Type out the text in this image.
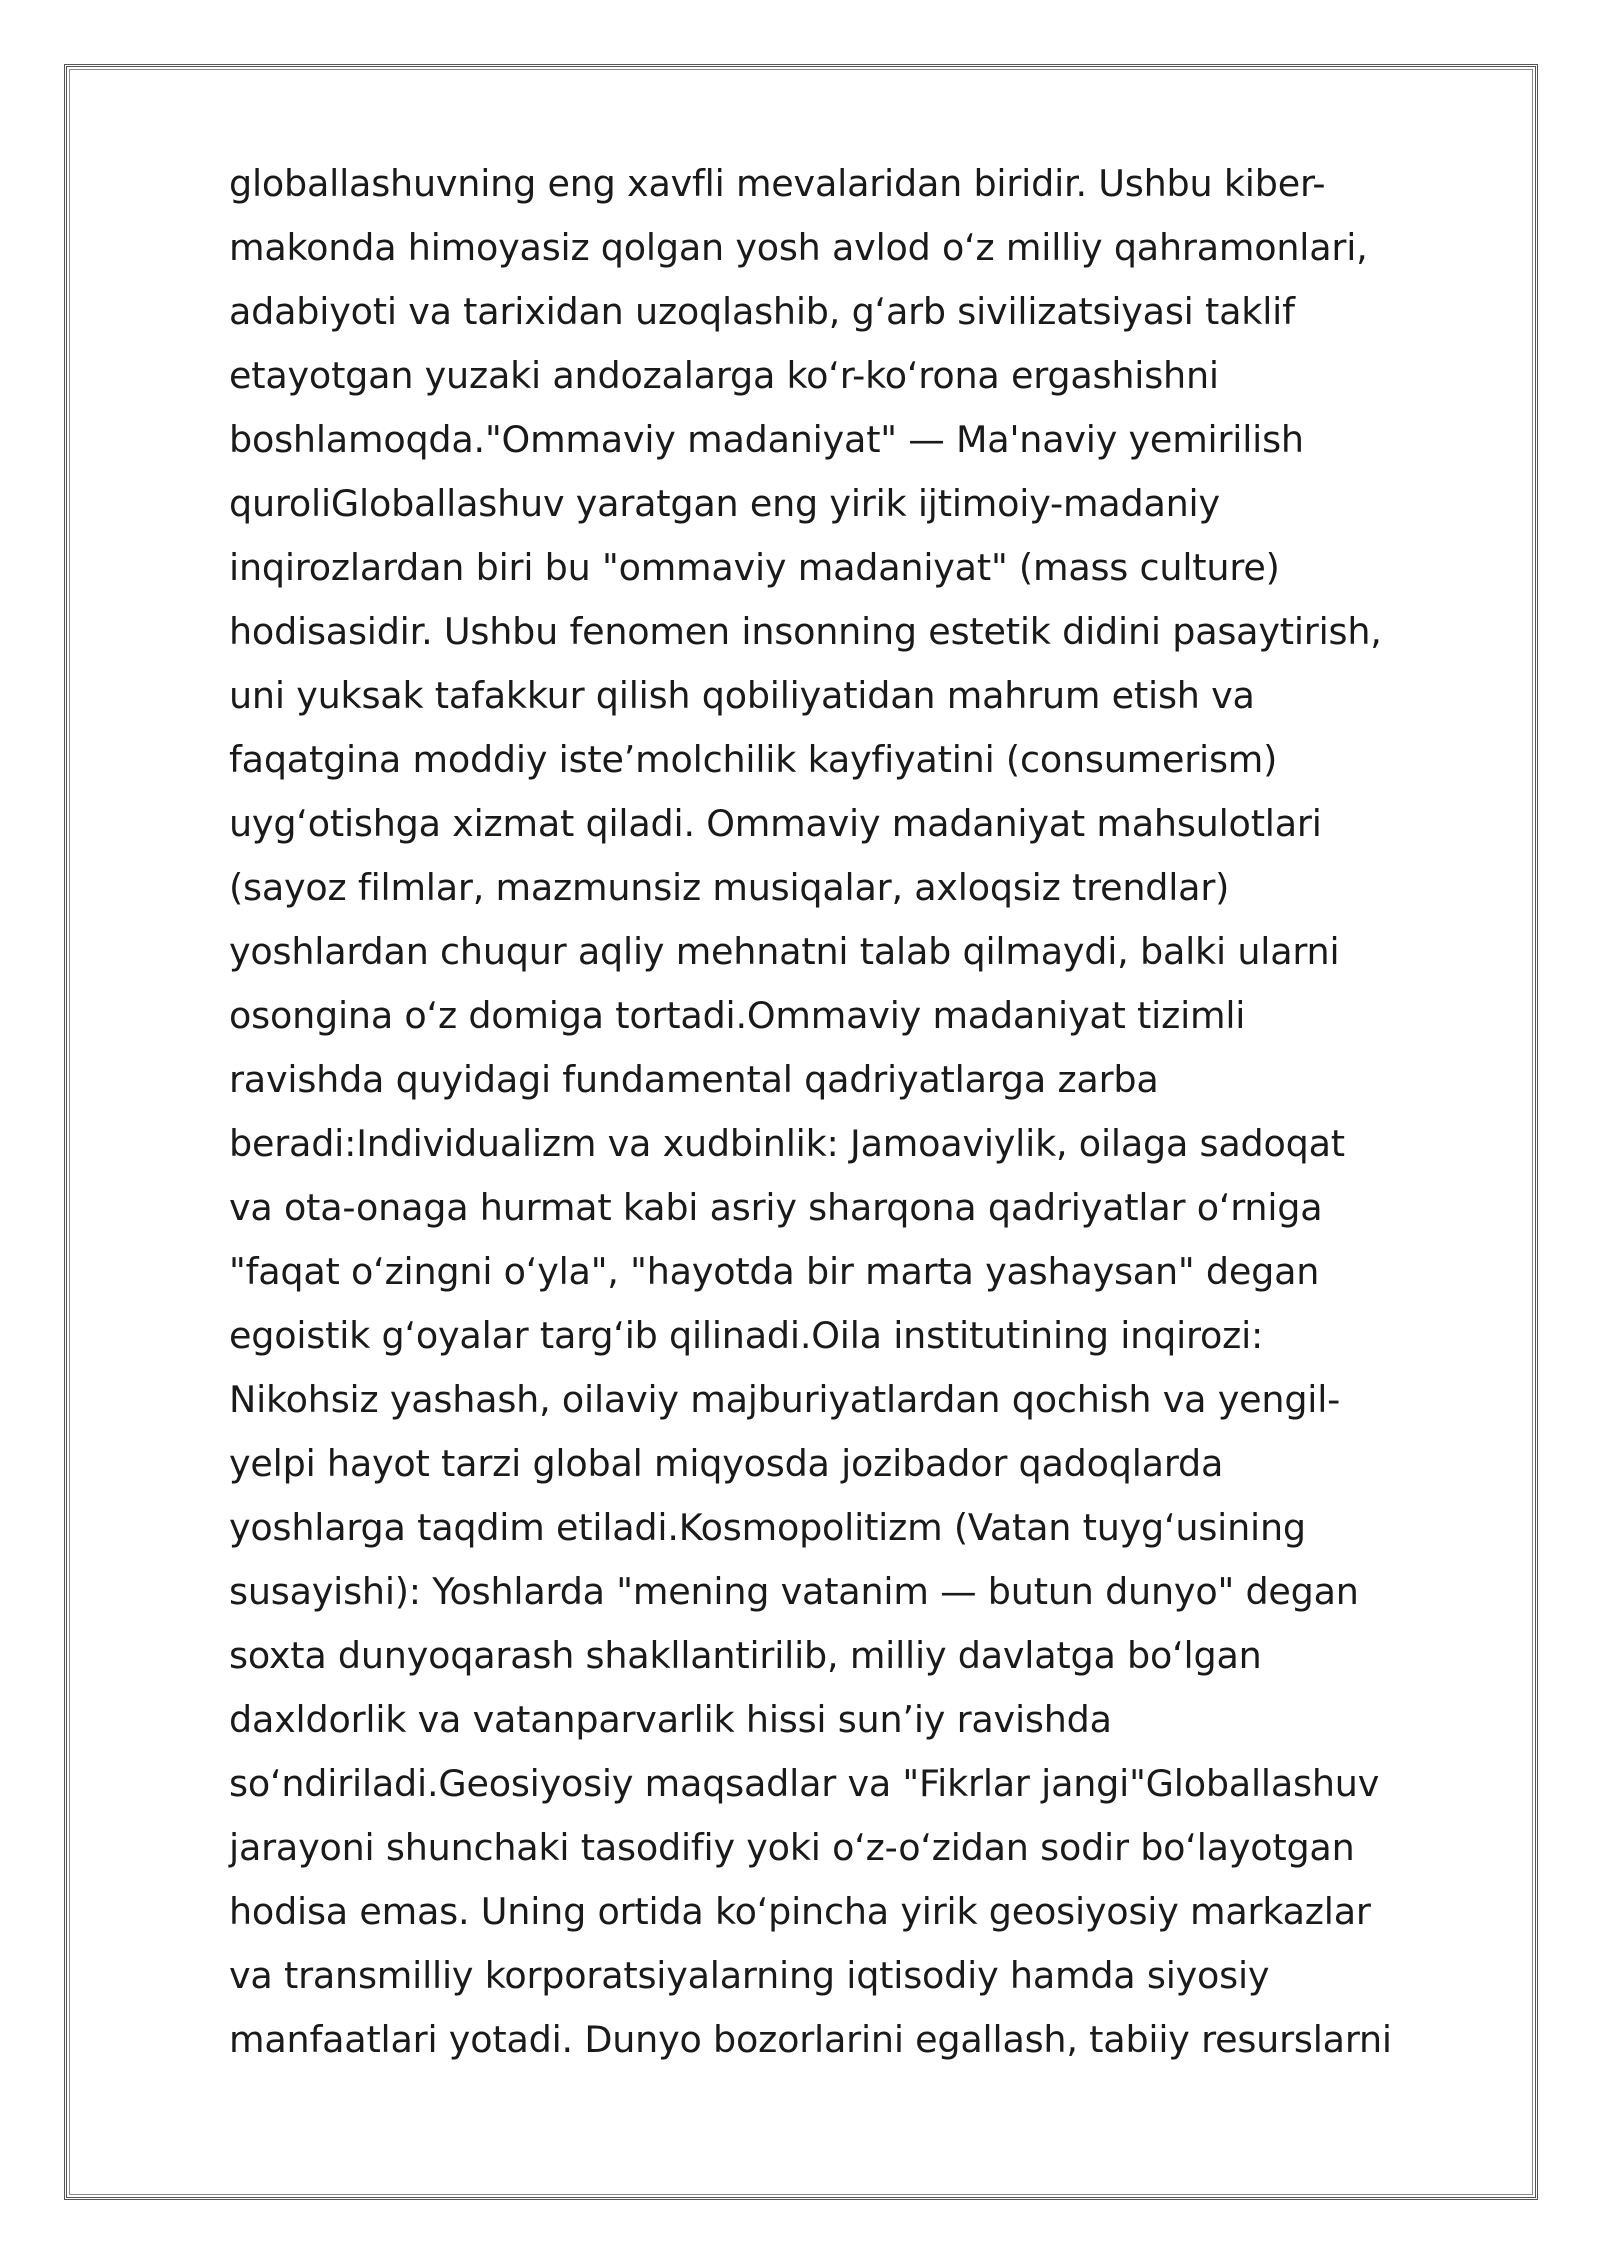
globallashuvning eng xavfli mevalaridan biridir. Ushbu kiber-
makonda himoyasiz qolgan yosh avlod oʻz milliy qahramonlari,
adabiyoti va tarixidan uzoqlashib, gʻarb sivilizatsiyasi taklif
etayotgan yuzaki andozalarga koʻr-koʻrona ergashishni
boshlamoqda."Ommaviy madaniyat" — Ma'naviy yemirilish
quroliGloballashuv yaratgan eng yirik ijtimoiy-madaniy
inqirozlardan biri bu "ommaviy madaniyat" (mass culture)
hodisasidir. Ushbu fenomen insonning estetik didini pasaytirish,
uni yuksak tafakkur qilish qobiliyatidan mahrum etish va
faqatgina moddiy iste’molchilik kayfiyatini (consumerism)
uygʻotishga xizmat qiladi. Ommaviy madaniyat mahsulotlari
(sayoz filmlar, mazmunsiz musiqalar, axloqsiz trendlar)
yoshlardan chuqur aqliy mehnatni talab qilmaydi, balki ularni
osongina oʻz domiga tortadi.Ommaviy madaniyat tizimli
ravishda quyidagi fundamental qadriyatlarga zarba
beradi:Individualizm va xudbinlik: Jamoaviylik, oilaga sadoqat
va ota-onaga hurmat kabi asriy sharqona qadriyatlar oʻrniga
"faqat oʻzingni oʻyla", "hayotda bir marta yashaysan" degan
egoistik gʻoyalar targʻib qilinadi.Oila institutining inqirozi:
Nikohsiz yashash, oilaviy majburiyatlardan qochish va yengil-
yelpi hayot tarzi global miqyosda jozibador qadoqlarda
yoshlarga taqdim etiladi.Kosmopolitizm (Vatan tuygʻusining
susayishi): Yoshlarda "mening vatanim — butun dunyo" degan
soxta dunyoqarash shakllantirilib, milliy davlatga boʻlgan
daxldorlik va vatanparvarlik hissi sun’iy ravishda
soʻndiriladi.Geosiyosiy maqsadlar va "Fikrlar jangi"Globallashuv
jarayoni shunchaki tasodifiy yoki oʻz-oʻzidan sodir boʻlayotgan
hodisa emas. Uning ortida koʻpincha yirik geosiyosiy markazlar
va transmilliy korporatsiyalarning iqtisodiy hamda siyosiy
manfaatlari yotadi. Dunyo bozorlarini egallash, tabiiy resurslarni
